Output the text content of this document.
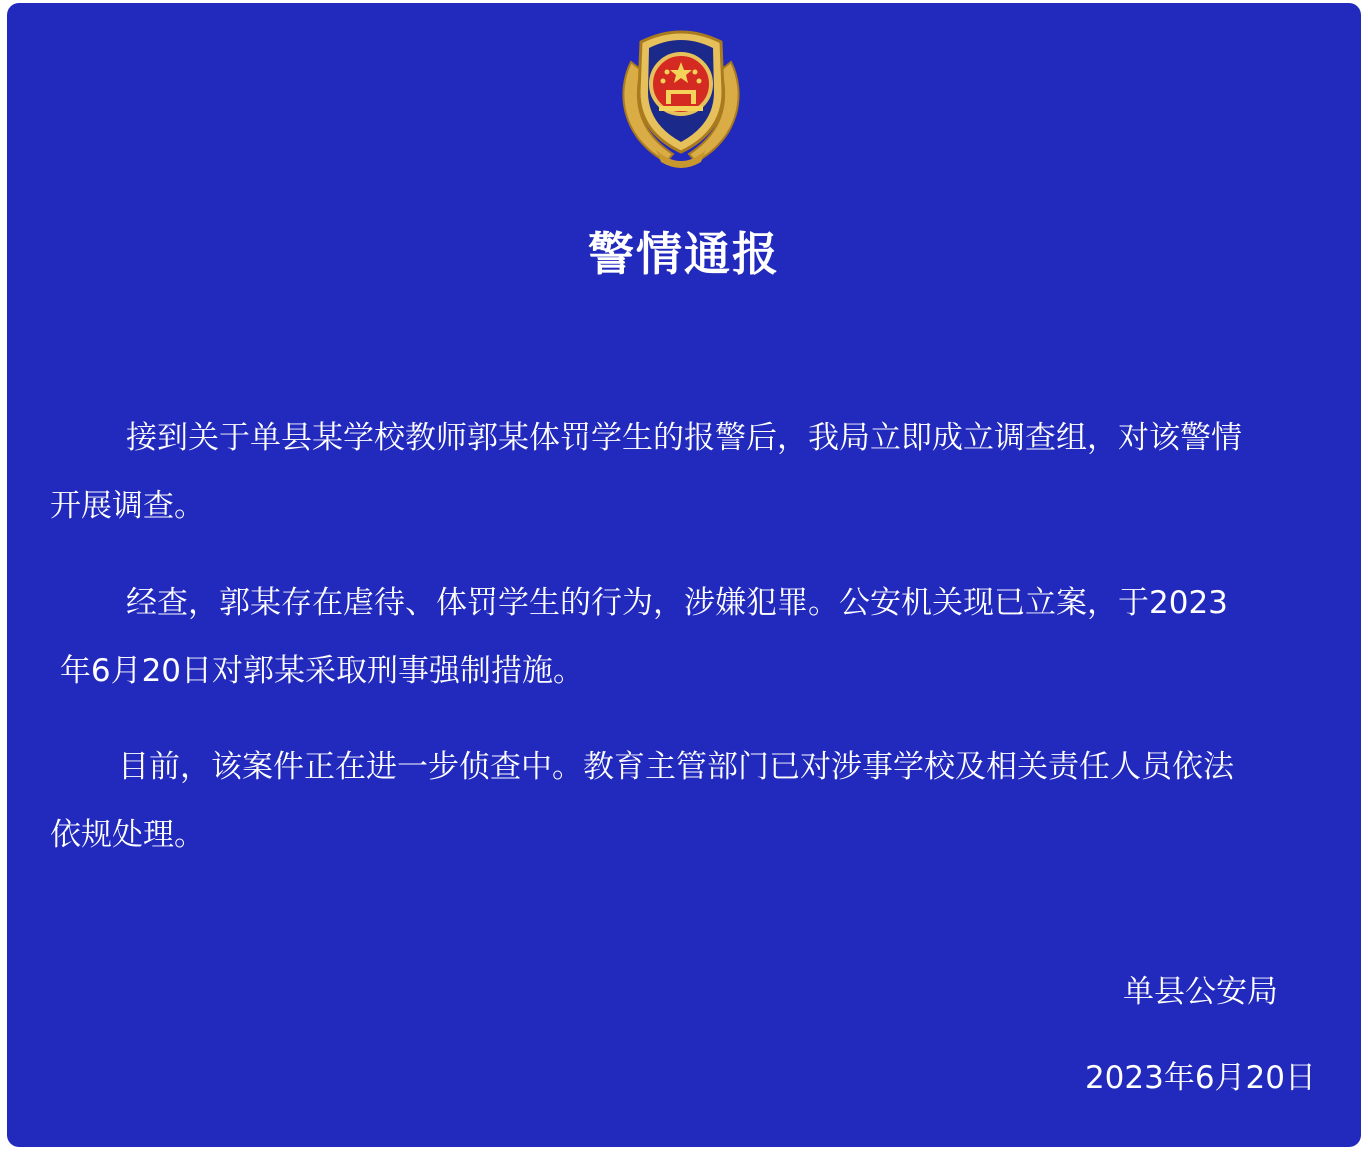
警情通报

接到关于单县某学校教师郭某体罚学生的报警后，我局立即成立调查组，对该警情
开展调查。

经查，郭某存在虐待、体罚学生的行为，涉嫌犯罪。公安机关现已立案，于2023
年6月20日对郭某采取刑事强制措施。

目前，该案件正在进一步侦查中。教育主管部门已对涉事学校及相关责任人员依法
依规处理。

单县公安局
2023年6月20日
